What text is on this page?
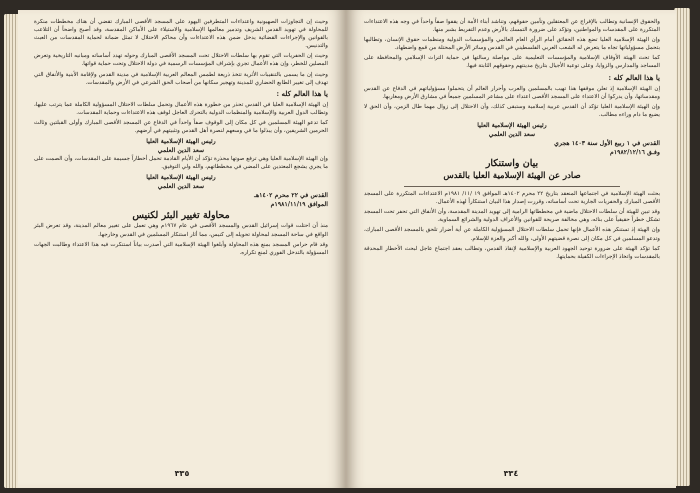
وحيث إن التجاوزات الصهيونية واعتداءات المتطرفين اليهود على المسجد الأقصى المبارك تقضي أن هناك مخططات منكرة للمحاولة في تهويد القدس الشريف وتدمير معالمها الإسلامية والاستيلاء على الأماكن المقدسة، وقد أصبح واضحاً أن التلاعب بالقوانين والإجراءات القضائية يدخل ضمن هذه الاعتداءات وأن محاكم الاحتلال لا تمثل ضمانة لحماية المقدسات من العبث والتدنيس.

وحيث إن الحفريات التي تقوم بها سلطات الاحتلال تحت المسجد الأقصى المبارك وحوله تهدد أساساته ومبانيه التاريخية وتعرض المصلين للخطر، وإن هذه الأعمال تجري بإشراف المؤسسات الرسمية في دولة الاحتلال وتحت حماية قواتها.

وحيث إن ما يسمى بالتنقيبات الأثرية تتخذ ذريعة لطمس المعالم العربية الإسلامية في مدينة القدس ولإقامة الأبنية والأنفاق التي تهدف إلى تغيير الطابع الحضاري للمدينة وتهجير سكانها من أصحاب الحق الشرعي في الأرض والمقدسات.

يا هذا العالم كله :

إن الهيئة الإسلامية العليا في القدس تحذر من خطورة هذه الأعمال وتحمل سلطات الاحتلال المسؤولية الكاملة عما يترتب عليها، وتطالب الدول العربية والإسلامية والمنظمات الدولية بالتحرك العاجل لوقف هذه الاعتداءات وحماية المقدسات.

كما تدعو الهيئة المسلمين في كل مكان إلى الوقوف صفاً واحداً في الدفاع عن المسجد الأقصى المبارك وأولى القبلتين وثالث الحرمين الشريفين، وأن يبذلوا ما في وسعهم لنصرة أهل القدس وتثبيتهم في أرضهم.

رئيس الهيئة الإسلامية العليا

سعد الدين العلمي

وإن الهيئة الإسلامية العليا وهي ترفع صوتها محذرة تؤكد أن الأيام القادمة تحمل أخطاراً جسيمة على المقدسات، وأن الصمت على ما يجري يشجع المعتدين على المضي في مخططاتهم، والله ولي التوفيق.

رئيس الهيئة الإسلامية العليا

سعد الدين العلمي

القدس في ٢٢ محرم ١٤٠٢هـ

الموافق ١٩٨١/١١/١٩م

محاولة تغيير البئر لكنيس

منذ أن احتلت قوات إسرائيل القدس والمسجد الأقصى في عام ١٩٦٧م وهي تعمل على تغيير معالم المدينة، وقد تعرض البئر الواقع في ساحة المسجد لمحاولة تحويله إلى كنيس، مما أثار استنكار المسلمين في القدس وخارجها.

وقد قام حراس المسجد بمنع هذه المحاولة وأبلغوا الهيئة الإسلامية التي أصدرت بياناً استنكرت فيه هذا الاعتداء وطالبت الجهات المسؤولة بالتدخل الفوري لمنع تكراره.

٣٣٥

والحقوق الإنسانية وتطالب بالإفراج عن المعتقلين وتأمين حقوقهم، وتناشد أبناء الأمة أن يقفوا صفاً واحداً في وجه هذه الاعتداءات المتكررة على المقدسات والمواطنين، وتؤكد على ضرورة التمسك بالأرض وعدم التفريط بشبر منها.

وإن الهيئة الإسلامية العليا تضع هذه الحقائق أمام الرأي العام العالمي والمؤسسات الدولية ومنظمات حقوق الإنسان، وتطالبها بتحمل مسؤولياتها تجاه ما يتعرض له الشعب العربي الفلسطيني في القدس وسائر الأرض المحتلة من قمع واضطهاد.

كما تحث الهيئة الأوقاف الإسلامية والمؤسسات التعليمية على مواصلة رسالتها في حماية التراث الإسلامي والمحافظة على المساجد والمدارس والزوايا، وعلى توعية الأجيال بتاريخ مدينتهم وحقوقهم الثابتة فيها.

يا هذا العالم كله :

إن الهيئة الإسلامية إذ تعلن موقفها هذا تهيب بالمسلمين والعرب وأحرار العالم أن يتحملوا مسؤولياتهم في الدفاع عن القدس ومقدساتها، وأن يدركوا أن الاعتداء على المسجد الأقصى اعتداء على مشاعر المسلمين جميعاً في مشارق الأرض ومغاربها.

وإن الهيئة الإسلامية العليا تؤكد أن القدس عربية إسلامية وستبقى كذلك، وأن الاحتلال إلى زوال مهما طال الزمن، وأن الحق لا يضيع ما دام وراءه مطالب.

رئيس الهيئة الإسلامية العليا

سعد الدين العلمي

القدس في ١ ربيع الأول سنة ١٤٠٣ هجري

وفـق ١٩٨٢/١٢/١٦م

بيان واستنكار

صادر عن الهيئة الإسلامية العليا بالقدس

بحثت الهيئة الإسلامية في اجتماعها المنعقد بتاريخ ٢٢ محرم ١٤٠٢هـ الموافق ١٩ /١١/ ١٩٨١م الاعتداءات المتكررة على المسجد الأقصى المبارك والحفريات الجارية تحت أساساته، وقررت إصدار هذا البيان استنكاراً لهذه الأعمال.

وقد تبين للهيئة أن سلطات الاحتلال ماضية في مخططاتها الرامية إلى تهويد المدينة المقدسة، وأن الأنفاق التي تحفر تحت المسجد تشكل خطراً حقيقياً على بنائه، وهي مخالفة صريحة للقوانين والأعراف الدولية والشرائع السماوية.

وإن الهيئة إذ تستنكر هذه الأعمال فإنها تحمل سلطات الاحتلال المسؤولية الكاملة عن أية أضرار تلحق بالمسجد الأقصى المبارك، وتدعو المسلمين في كل مكان إلى نصرة قضيتهم الأولى، والله أكبر والعزة للإسلام.

كما تؤكد الهيئة على ضرورة توحيد الجهود العربية والإسلامية لإنقاذ القدس، وتطالب بعقد اجتماع عاجل لبحث الأخطار المحدقة بالمقدسات واتخاذ الإجراءات الكفيلة بحمايتها.

٣٣٤
